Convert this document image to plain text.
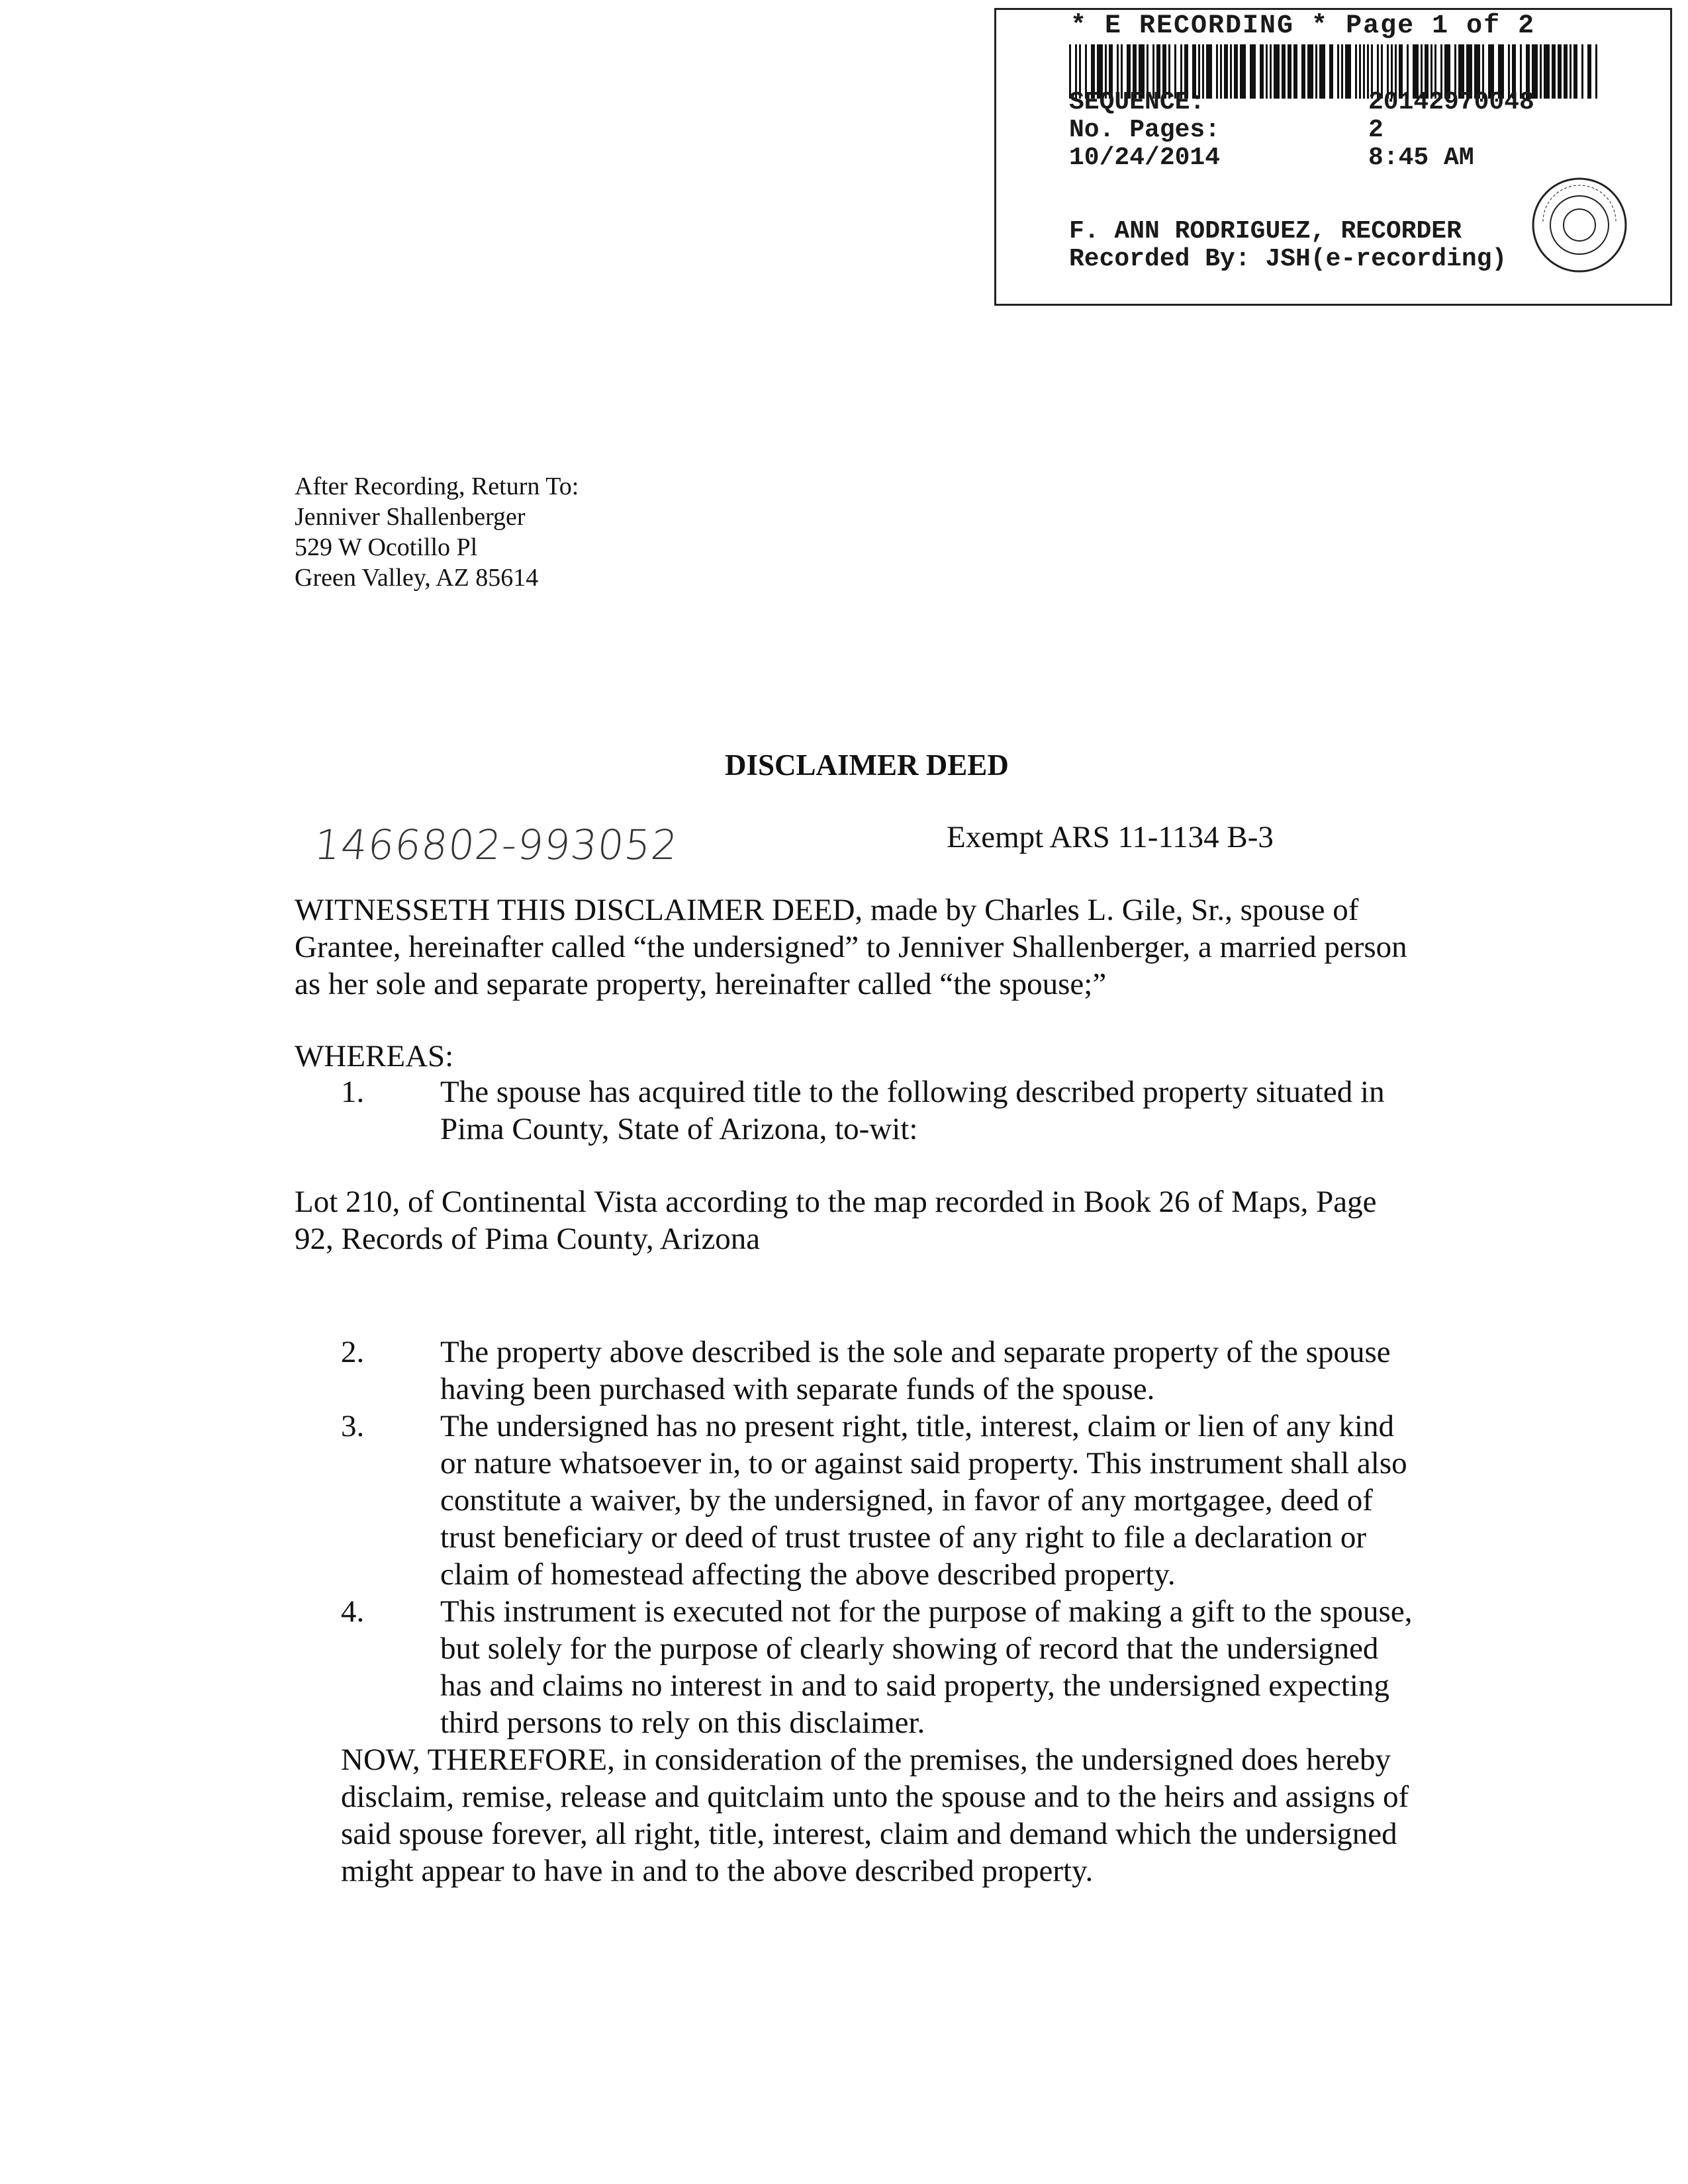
* E RECORDING * Page 1 of 2
SEQUENCE:	20142970048
No. Pages:	2
10/24/2014	8:45 AM
F. ANN RODRIGUEZ, RECORDER
Recorded By: JSH(e-recording)
After Recording, Return To:
Jenniver Shallenberger
529 W Ocotillo Pl
Green Valley, AZ 85614
DISCLAIMER DEED
1466802-993052	Exempt ARS 11-1134 B-3
WITNESSETH THIS DISCLAIMER DEED, made by Charles L. Gile, Sr., spouse of
Grantee, hereinafter called “the undersigned” to Jenniver Shallenberger, a married person
as her sole and separate property, hereinafter called “the spouse;”
WHEREAS:
1. The spouse has acquired title to the following described property situated in
Pima County, State of Arizona, to-wit:
Lot 210, of Continental Vista according to the map recorded in Book 26 of Maps, Page
92, Records of Pima County, Arizona
2. The property above described is the sole and separate property of the spouse
having been purchased with separate funds of the spouse.
3. The undersigned has no present right, title, interest, claim or lien of any kind
or nature whatsoever in, to or against said property. This instrument shall also
constitute a waiver, by the undersigned, in favor of any mortgagee, deed of
trust beneficiary or deed of trust trustee of any right to file a declaration or
claim of homestead affecting the above described property.
4. This instrument is executed not for the purpose of making a gift to the spouse,
but solely for the purpose of clearly showing of record that the undersigned
has and claims no interest in and to said property, the undersigned expecting
third persons to rely on this disclaimer.
NOW, THEREFORE, in consideration of the premises, the undersigned does hereby
disclaim, remise, release and quitclaim unto the spouse and to the heirs and assigns of
said spouse forever, all right, title, interest, claim and demand which the undersigned
might appear to have in and to the above described property.
